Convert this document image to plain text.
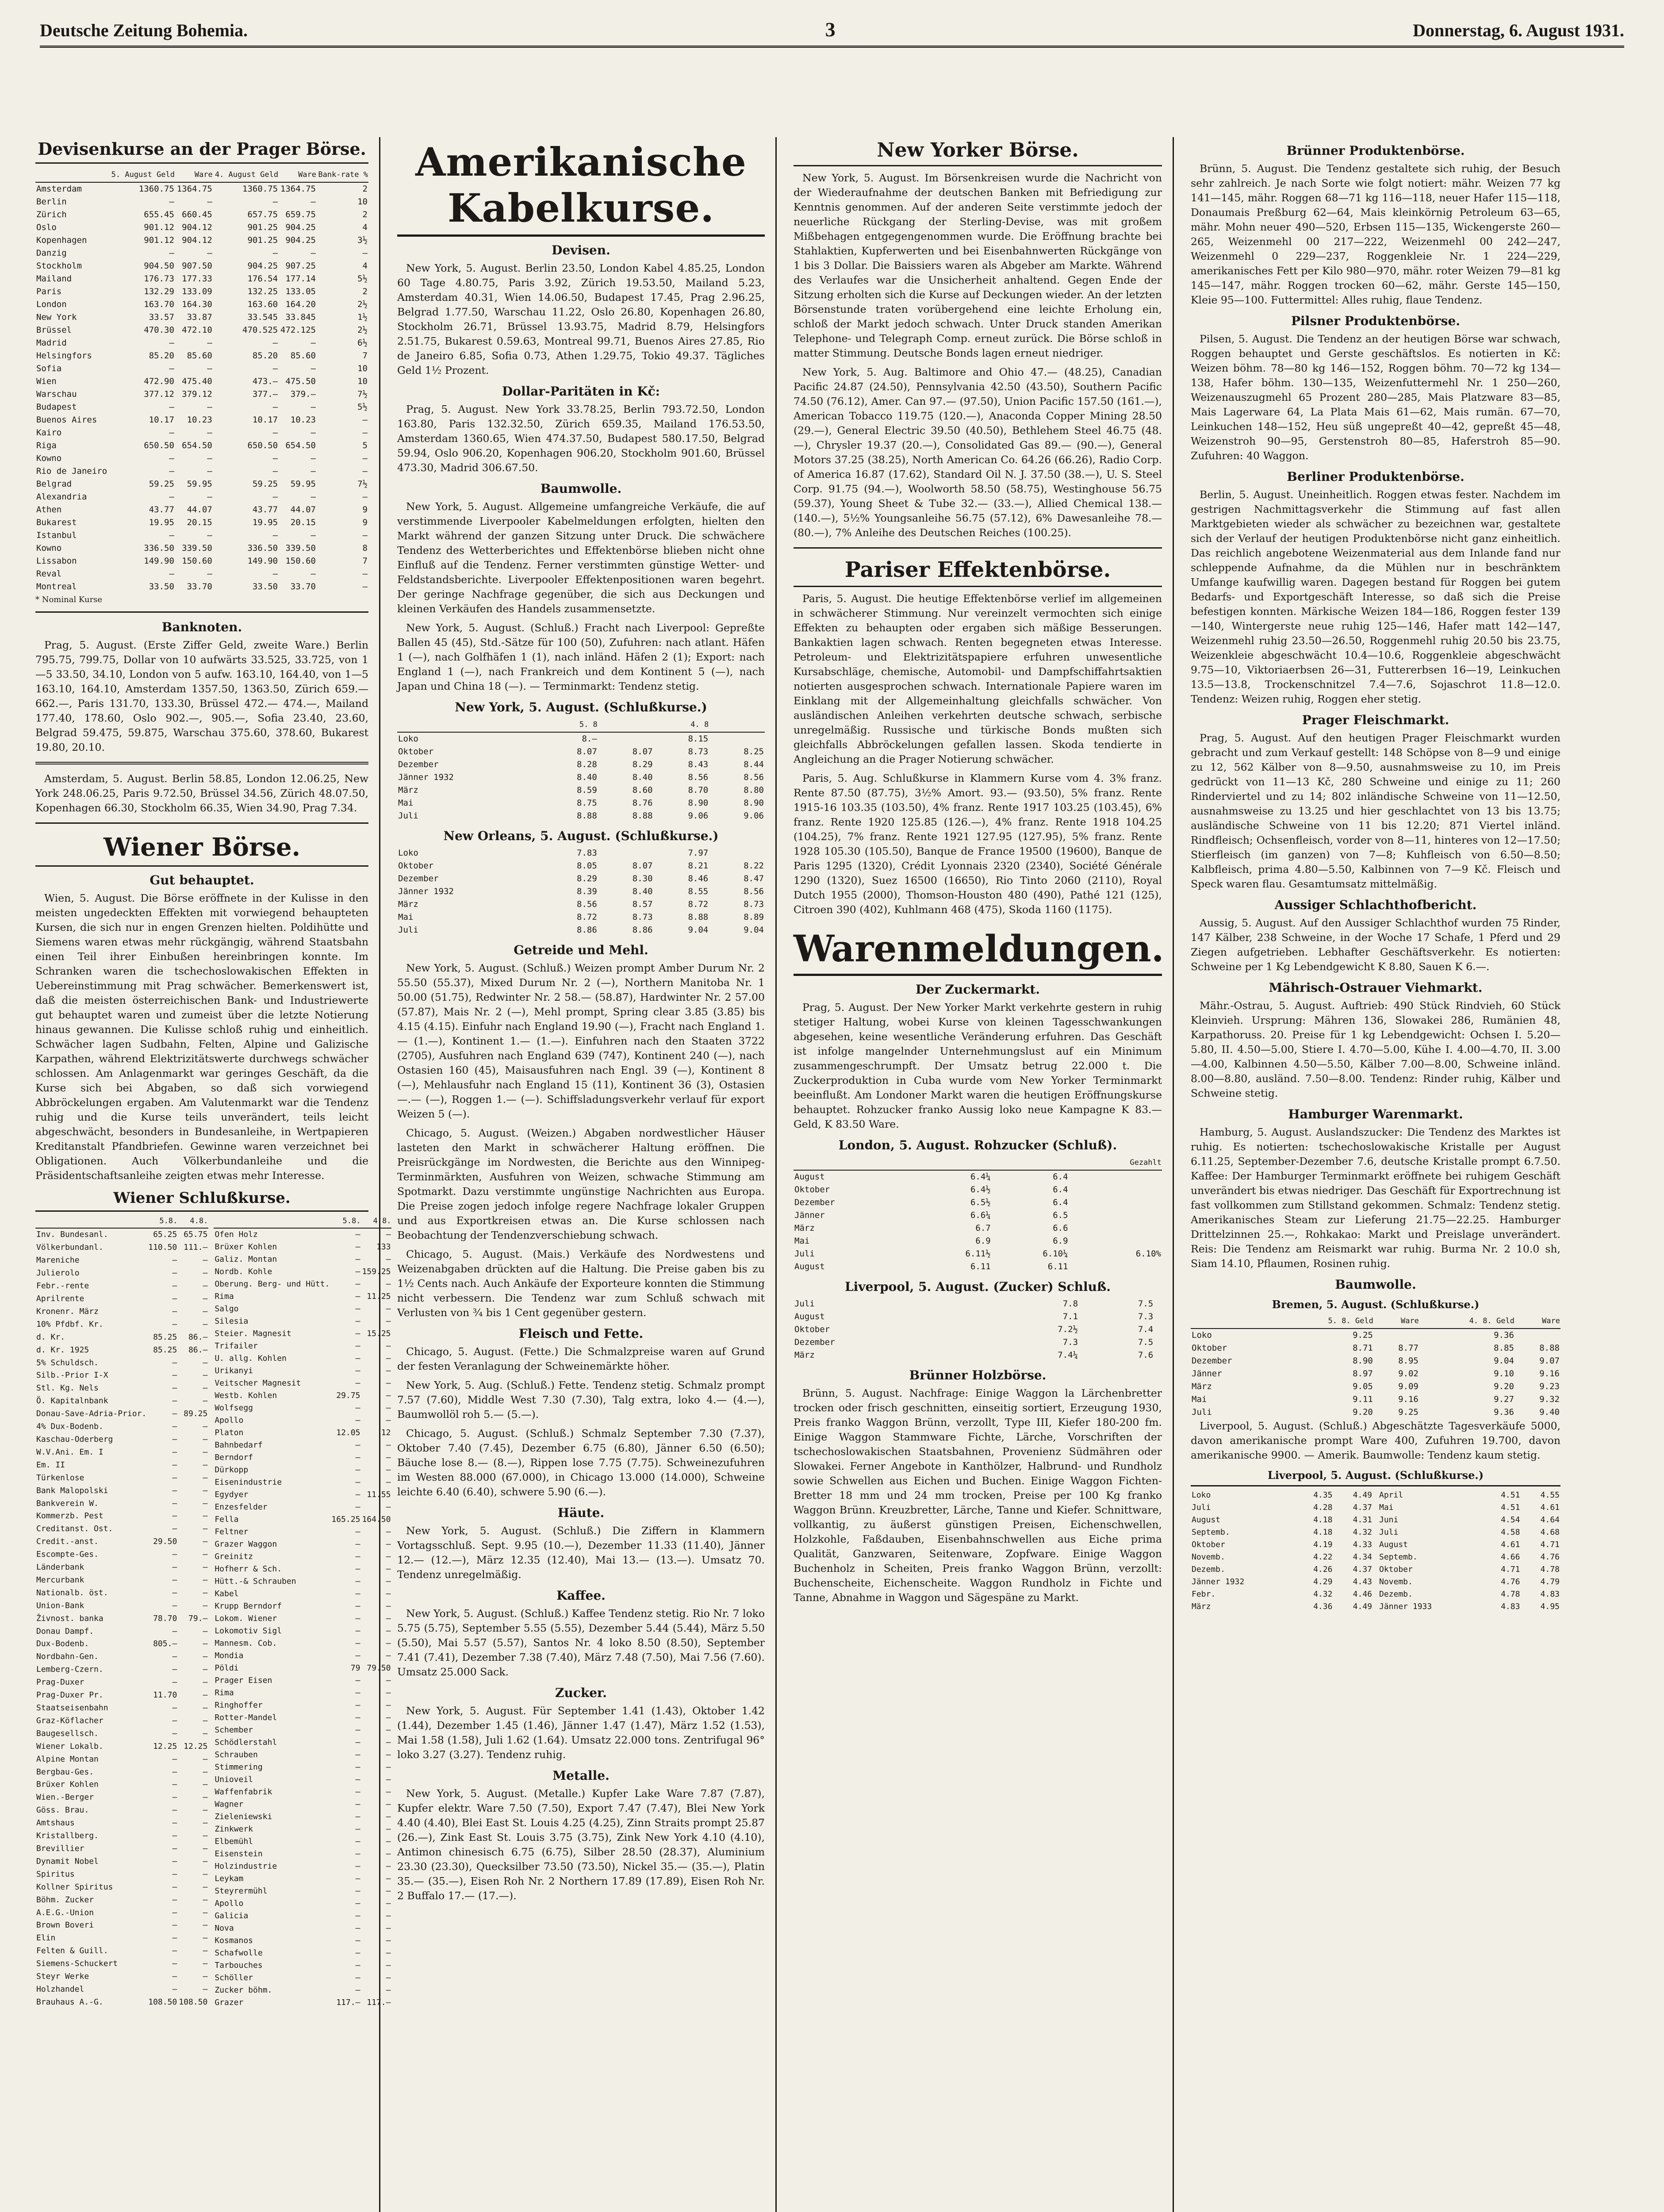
Deutsche Zeitung Bohemia.	3	Donnerstag, 6. August 1931.
Devisenkurse an der Prager Börse.
	5. August Geld	Ware	4. August Geld	Ware	Bank-rate %
Amsterdam	1360.75	1364.75	1360.75	1364.75	2
Berlin	—	—	—	—	10
Zürich	655.45	660.45	657.75	659.75	2
Oslo	901.12	904.12	901.25	904.25	4
Kopenhagen	901.12	904.12	901.25	904.25	3½
Danzig	—	—	—	—	—
Stockholm	904.50	907.50	904.25	907.25	4
Mailand	176.73	177.33	176.54	177.14	5½
Paris	132.29	133.09	132.25	133.05	2
London	163.70	164.30	163.60	164.20	2½
New York	33.57	33.87	33.545	33.845	1½
Brüssel	470.30	472.10	470.525	472.125	2½
Madrid	—	—	—	—	6½
Helsingfors	85.20	85.60	85.20	85.60	7
Sofia	—	—	—	—	10
Wien	472.90	475.40	473.—	475.50	10
Warschau	377.12	379.12	377.—	379.—	7½
Budapest	—	—	—	—	5½
Buenos Aires	10.17	10.23	10.17	10.23	—
Kairo	—	—	—	—	—
Riga	650.50	654.50	650.50	654.50	5
Kowno	—	—	—	—	—
Rio de Janeiro	—	—	—	—	—
Belgrad	59.25	59.95	59.25	59.95	7½
Alexandria	—	—	—	—	—
Athen	43.77	44.07	43.77	44.07	9
Bukarest	19.95	20.15	19.95	20.15	9
Istanbul	—	—	—	—	—
Kowno	336.50	339.50	336.50	339.50	8
Lissabon	149.90	150.60	149.90	150.60	7
Reval	—	—	—	—	—
Montreal	33.50	33.70	33.50	33.70	—
* Nominal Kurse
Banknoten.

Prag, 5. August. (Erste Ziffer Geld, zweite Ware.) Berlin 795.75, 799.75, Dollar von 10 aufwärts 33.525, 33.725, von 1—5 33.50, 34.10, London von 5 aufw. 163.10, 164.40, von 1—5 163.10, 164.10, Amsterdam 1357.50, 1363.50, Zürich 659.— 662.—, Paris 131.70, 133.30, Brüssel 472.— 474.—, Mailand 177.40, 178.60, Oslo 902.—, 905.—, Sofia 23.40, 23.60, Belgrad 59.475, 59.875, Warschau 375.60, 378.60, Bukarest 19.80, 20.10.

Amsterdam, 5. August. Berlin 58.85, London 12.06.25, New York 248.06.25, Paris 9.72.50, Brüssel 34.56, Zürich 48.07.50, Kopenhagen 66.30, Stockholm 66.35, Wien 34.90, Prag 7.34.

Wiener Börse.
Gut behauptet.

Wien, 5. August. Die Börse eröffnete in der Kulisse in den meisten ungedeckten Effekten mit vorwiegend behaupteten Kursen, die sich nur in engen Grenzen hielten. Poldihütte und Siemens waren etwas mehr rückgängig, während Staatsbahn einen Teil ihrer Einbußen hereinbringen konnte. Im Schranken waren die tschechoslowakischen Effekten in Uebereinstimmung mit Prag schwächer. Bemerkenswert ist, daß die meisten österreichischen Bank- und Industriewerte gut behauptet waren und zumeist über die letzte Notierung hinaus gewannen. Die Kulisse schloß ruhig und einheitlich. Schwächer lagen Sudbahn, Felten, Alpine und Galizische Karpathen, während Elektrizitätswerte durchwegs schwächer schlossen. Am Anlagenmarkt war geringes Geschäft, da die Kurse sich bei Abgaben, so daß sich vorwiegend Abbröckelungen ergaben. Am Valutenmarkt war die Tendenz ruhig und die Kurse teils unverändert, teils leicht abgeschwächt, besonders in Bundesanleihe, in Wertpapieren Kreditanstalt Pfandbriefen. Gewinne waren verzeichnet bei Obligationen. Auch Völkerbundanleihe und die Präsidentschaftsanleihe zeigten etwas mehr Interesse.

Wiener Schlußkurse.
	5.8.	4.8.
Inv. Bundesanl.	65.25	65.75
Völkerbundanl.	110.50	111.—
Mareniche	—	—
Julierolo	—	—
Febr.-rente	—	—
Aprilrente	—	—
Kronenr. März	—	—
10% Pfdbf. Kr.	—	—
d. Kr.	85.25	86.—
d. Kr. 1925	85.25	86.—
5% Schuldsch.	—	—
Silb.-Prior I-X	—	—
Stl. Kg. Nels	—	—
Ö. Kapitalnbank	—	—
Donau-Save-Adria-Prior.	—	89.25
4% Dux-Bodenb.	—	—
Kaschau-Oderberg	—	—
W.V.Ani. Em. I	—	—
Em. II	—	—
Türkenlose	—	—
Bank Malopolski	—	—
Bankverein W.	—	—
Kommerzb. Pest	—	—
Creditanst. Ost.	—	—
Credit.-anst.	29.50	—
Escompte-Ges.	—	—
Länderbank	—	—
Mercurbank	—	—
Nationalb. öst.	—	—
Union-Bank	—	—
Živnost. banka	78.70	79.—
Donau Dampf.	—	—
Dux-Bodenb.	805.—	—
Nordbahn-Gen.	—	—
Lemberg-Czern.	—	—
Prag-Duxer	—	—
Prag-Duxer Pr.	11.70	—
Staatseisenbahn	—	—
Graz-Köflacher	—	—
Baugesellsch.	—	—
Wiener Lokalb.	12.25	12.25
Alpine Montan	—	—
Bergbau-Ges.	—	—
Brüxer Kohlen	—	—
Wien.-Berger	—	—
Göss. Brau.	—	—
Amtshaus	—	—
Kristallberg.	—	—
Brevillier	—	—
Dynamit Nobel	—	—
Spiritus	—	—
Kollner Spiritus	—	—
Böhm. Zucker	—	—
A.E.G.-Union	—	—
Brown Boveri	—	—
Elin	—	—
Felten & Guill.	—	—
Siemens-Schuckert	—	—
Steyr Werke	—	—
Holzhandel	—	—
Brauhaus A.-G.	108.50	108.50
	5.8.	4.8.
Ofen Holz	—	—
Brüxer Kohlen	—	133
Galiz. Montan	—	—
Nordb. Kohle	—	159.25
Oberung. Berg- und Hütt.	—	—
Rima	—	11.25
Salgo	—	—
Silesia	—	—
Steier. Magnesit	—	15.25
Trifailer	—	—
U. allg. Kohlen	—	—
Urikanyi	—	—
Veitscher Magnesit	—	—
Westb. Kohlen	29.75	—
Wolfsegg	—	—
Apollo	—	—
Platon	12.05	12
Bahnbedarf	—	—
Berndorf	—	—
Dürkopp	—	—
Eisenindustrie	—	—
Egydyer	—	11.55
Enzesfelder	—	—
Fella	165.25	164.50
Feltner	—	—
Grazer Waggon	—	—
Greinitz	—	—
Hofherr & Sch.	—	—
Hütt.-& Schrauben	—	—
Kabel	—	—
Krupp Berndorf	—	—
Lokom. Wiener	—	—
Lokomotiv Sigl	—	—
Mannesm. Cob.	—	—
Mondia	—	—
Pöldi	79	79.50
Prager Eisen	—	—
Rima	—	—
Ringhoffer	—	—
Rotter-Mandel	—	—
Schember	—	—
Schödlerstahl	—	—
Schrauben	—	—
Stimmering	—	—
Unioveil	—	—
Waffenfabrik	—	—
Wagner	—	—
Zieleniewski	—	—
Zinkwerk	—	—
Elbemühl	—	—
Eisenstein	—	—
Holzindustrie	—	—
Leykam	—	—
Steyrermühl	—	—
Apollo	—	—
Galicia	—	—
Nova	—	—
Kosmanos	—	—
Schafwolle	—	—
Tarbouches	—	—
Schöller	—	—
Zucker böhm.	—	—
Grazer	117.—	117.—
Amerikanische Kabelkurse.
Devisen.

New York, 5. August. Berlin 23.50, London Kabel 4.85.25, London 60 Tage 4.80.75, Paris 3.92, Zürich 19.53.50, Mailand 5.23, Amsterdam 40.31, Wien 14.06.50, Budapest 17.45, Prag 2.96.25, Belgrad 1.77.50, Warschau 11.22, Oslo 26.80, Kopenhagen 26.80, Stockholm 26.71, Brüssel 13.93.75, Madrid 8.79, Helsingfors 2.51.75, Bukarest 0.59.63, Montreal 99.71, Buenos Aires 27.85, Rio de Janeiro 6.85, Sofia 0.73, Athen 1.29.75, Tokio 49.37. Tägliches Geld 1½ Prozent.

Dollar-Paritäten in Kč:

Prag, 5. August. New York 33.78.25, Berlin 793.72.50, London 163.80, Paris 132.32.50, Zürich 659.35, Mailand 176.53.50, Amsterdam 1360.65, Wien 474.37.50, Budapest 580.17.50, Belgrad 59.94, Oslo 906.20, Kopenhagen 906.20, Stockholm 901.60, Brüssel 473.30, Madrid 306.67.50.

Baumwolle.

New York, 5. August. Allgemeine umfangreiche Verkäufe, die auf verstimmende Liverpooler Kabelmeldungen erfolgten, hielten den Markt während der ganzen Sitzung unter Druck. Die schwächere Tendenz des Wetterberichtes und Effektenbörse blieben nicht ohne Einfluß auf die Tendenz. Ferner verstimmten günstige Wetter- und Feldstandsberichte. Liverpooler Effektenpositionen waren begehrt. Der geringe Nachfrage gegenüber, die sich aus Deckungen und kleinen Verkäufen des Handels zusammensetzte.

New York, 5. August. (Schluß.) Fracht nach Liverpool: Gepreßte Ballen 45 (45), Std.-Sätze für 100 (50), Zufuhren: nach atlant. Häfen 1 (—), nach Golfhäfen 1 (1), nach inländ. Häfen 2 (1); Export: nach England 1 (—), nach Frankreich und dem Kontinent 5 (—), nach Japan und China 18 (—). — Terminmarkt: Tendenz stetig.

New York, 5. August. (Schlußkurse.)
	5. 8		4. 8	
Loko	8.—		8.15	
Oktober	8.07	8.07	8.73	8.25
Dezember	8.28	8.29	8.43	8.44
Jänner 1932	8.40	8.40	8.56	8.56
März	8.59	8.60	8.70	8.80
Mai	8.75	8.76	8.90	8.90
Juli	8.88	8.88	9.06	9.06
New Orleans, 5. August. (Schlußkurse.)
Loko	7.83		7.97	
Oktober	8.05	8.07	8.21	8.22
Dezember	8.29	8.30	8.46	8.47
Jänner 1932	8.39	8.40	8.55	8.56
März	8.56	8.57	8.72	8.73
Mai	8.72	8.73	8.88	8.89
Juli	8.86	8.86	9.04	9.04
Getreide und Mehl.

New York, 5. August. (Schluß.) Weizen prompt Amber Durum Nr. 2 55.50 (55.37), Mixed Durum Nr. 2 (—), Northern Manitoba Nr. 1 50.00 (51.75), Redwinter Nr. 2 58.— (58.87), Hardwinter Nr. 2 57.00 (57.87), Mais Nr. 2 (—), Mehl prompt, Spring clear 3.85 (3.85) bis 4.15 (4.15). Einfuhr nach England 19.90 (—), Fracht nach England 1.— (1.—), Kontinent 1.— (1.—). Einfuhren nach den Staaten 3722 (2705), Ausfuhren nach England 639 (747), Kontinent 240 (—), nach Ostasien 160 (45), Maisausfuhren nach Engl. 39 (—), Kontinent 8 (—), Mehlausfuhr nach England 15 (11), Kontinent 36 (3), Ostasien —.— (—), Roggen 1.— (—). Schiffsladungsverkehr verlauf für export Weizen 5 (—).

Chicago, 5. August. (Weizen.) Abgaben nordwestlicher Häuser lasteten den Markt in schwächerer Haltung eröffnen. Die Preisrückgänge im Nordwesten, die Berichte aus den Winnipeg-Terminmärkten, Ausfuhren von Weizen, schwache Stimmung am Spotmarkt. Dazu verstimmte ungünstige Nachrichten aus Europa. Die Preise zogen jedoch infolge regere Nachfrage lokaler Gruppen und aus Exportkreisen etwas an. Die Kurse schlossen nach Beobachtung der Tendenzverschiebung schwach.

Chicago, 5. August. (Mais.) Verkäufe des Nordwestens und Weizenabgaben drückten auf die Haltung. Die Preise gaben bis zu 1½ Cents nach. Auch Ankäufe der Exporteure konnten die Stimmung nicht verbessern. Die Tendenz war zum Schluß schwach mit Verlusten von ¾ bis 1 Cent gegenüber gestern.

Fleisch und Fette.

Chicago, 5. August. (Fette.) Die Schmalzpreise waren auf Grund der festen Veranlagung der Schweinemärkte höher.

New York, 5. Aug. (Schluß.) Fette. Tendenz stetig. Schmalz prompt 7.57 (7.60), Middle West 7.30 (7.30), Talg extra, loko 4.— (4.—), Baumwollöl roh 5.— (5.—).

Chicago, 5. August. (Schluß.) Schmalz September 7.30 (7.37), Oktober 7.40 (7.45), Dezember 6.75 (6.80), Jänner 6.50 (6.50); Bäuche lose 8.— (8.—), Rippen lose 7.75 (7.75). Schweinezufuhren im Westen 88.000 (67.000), in Chicago 13.000 (14.000), Schweine leichte 6.40 (6.40), schwere 5.90 (6.—).

Häute.

New York, 5. August. (Schluß.) Die Ziffern in Klammern Vortagsschluß. Sept. 9.95 (10.—), Dezember 11.33 (11.40), Jänner 12.— (12.—), März 12.35 (12.40), Mai 13.— (13.—). Umsatz 70. Tendenz unregelmäßig.

Kaffee.

New York, 5. August. (Schluß.) Kaffee Tendenz stetig. Rio Nr. 7 loko 5.75 (5.75), September 5.55 (5.55), Dezember 5.44 (5.44), März 5.50 (5.50), Mai 5.57 (5.57), Santos Nr. 4 loko 8.50 (8.50), September 7.41 (7.41), Dezember 7.38 (7.40), März 7.48 (7.50), Mai 7.56 (7.60). Umsatz 25.000 Sack.

Zucker.

New York, 5. August. Für September 1.41 (1.43), Oktober 1.42 (1.44), Dezember 1.45 (1.46), Jänner 1.47 (1.47), März 1.52 (1.53), Mai 1.58 (1.58), Juli 1.62 (1.64). Umsatz 22.000 tons. Zentrifugal 96° loko 3.27 (3.27). Tendenz ruhig.

Metalle.

New York, 5. August. (Metalle.) Kupfer Lake Ware 7.87 (7.87), Kupfer elektr. Ware 7.50 (7.50), Export 7.47 (7.47), Blei New York 4.40 (4.40), Blei East St. Louis 4.25 (4.25), Zinn Straits prompt 25.87 (26.—), Zink East St. Louis 3.75 (3.75), Zink New York 4.10 (4.10), Antimon chinesisch 6.75 (6.75), Silber 28.50 (28.37), Aluminium 23.30 (23.30), Quecksilber 73.50 (73.50), Nickel 35.— (35.—), Platin 35.— (35.—), Eisen Roh Nr. 2 Northern 17.89 (17.89), Eisen Roh Nr. 2 Buffalo 17.— (17.—).

New Yorker Börse.

New York, 5. August. Im Börsenkreisen wurde die Nachricht von der Wiederaufnahme der deutschen Banken mit Befriedigung zur Kenntnis genommen. Auf der anderen Seite verstimmte jedoch der neuerliche Rückgang der Sterling-Devise, was mit großem Mißbehagen entgegengenommen wurde. Die Eröffnung brachte bei Stahlaktien, Kupferwerten und bei Eisenbahnwerten Rückgänge von 1 bis 3 Dollar. Die Baissiers waren als Abgeber am Markte. Während des Verlaufes war die Unsicherheit anhaltend. Gegen Ende der Sitzung erholten sich die Kurse auf Deckungen wieder. An der letzten Börsenstunde traten vorübergehend eine leichte Erholung ein, schloß der Markt jedoch schwach. Unter Druck standen Amerikan Telephone- und Telegraph Comp. erneut zurück. Die Börse schloß in matter Stimmung. Deutsche Bonds lagen erneut niedriger.

New York, 5. Aug. Baltimore and Ohio 47.— (48.25), Canadian Pacific 24.87 (24.50), Pennsylvania 42.50 (43.50), Southern Pacific 74.50 (76.12), Amer. Can 97.— (97.50), Union Pacific 157.50 (161.—), American Tobacco 119.75 (120.—), Anaconda Copper Mining 28.50 (29.—), General Electric 39.50 (40.50), Bethlehem Steel 46.75 (48.—), Chrysler 19.37 (20.—), Consolidated Gas 89.— (90.—), General Motors 37.25 (38.25), North American Co. 64.26 (66.26), Radio Corp. of America 16.87 (17.62), Standard Oil N. J. 37.50 (38.—), U. S. Steel Corp. 91.75 (94.—), Woolworth 58.50 (58.75), Westinghouse 56.75 (59.37), Young Sheet & Tube 32.— (33.—), Allied Chemical 138.— (140.—), 5½% Youngsanleihe 56.75 (57.12), 6% Dawesanleihe 78.— (80.—), 7% Anleihe des Deutschen Reiches (100.25).

Pariser Effektenbörse.

Paris, 5. August. Die heutige Effektenbörse verlief im allgemeinen in schwächerer Stimmung. Nur vereinzelt vermochten sich einige Effekten zu behaupten oder ergaben sich mäßige Besserungen. Bankaktien lagen schwach. Renten begegneten etwas Interesse. Petroleum- und Elektrizitätspapiere erfuhren unwesentliche Kursabschläge, chemische, Automobil- und Dampfschiffahrtsaktien notierten ausgesprochen schwach. Internationale Papiere waren im Einklang mit der Allgemeinhaltung gleichfalls schwächer. Von ausländischen Anleihen verkehrten deutsche schwach, serbische unregelmäßig. Russische und türkische Bonds mußten sich gleichfalls Abbröckelungen gefallen lassen. Skoda tendierte in Angleichung an die Prager Notierung schwächer.

Paris, 5. Aug. Schlußkurse in Klammern Kurse vom 4. 3% franz. Rente 87.50 (87.75), 3½% Amort. 93.— (93.50), 5% franz. Rente 1915-16 103.35 (103.50), 4% franz. Rente 1917 103.25 (103.45), 6% franz. Rente 1920 125.85 (126.—), 4% franz. Rente 1918 104.25 (104.25), 7% franz. Rente 1921 127.95 (127.95), 5% franz. Rente 1928 105.30 (105.50), Banque de France 19500 (19600), Banque de Paris 1295 (1320), Crédit Lyonnais 2320 (2340), Société Générale 1290 (1320), Suez 16500 (16650), Rio Tinto 2060 (2110), Royal Dutch 1955 (2000), Thomson-Houston 480 (490), Pathé 121 (125), Citroen 390 (402), Kuhlmann 468 (475), Skoda 1160 (1175).

Warenmeldungen.
Der Zuckermarkt.

Prag, 5. August. Der New Yorker Markt verkehrte gestern in ruhig stetiger Haltung, wobei Kurse von kleinen Tagesschwankungen abgesehen, keine wesentliche Veränderung erfuhren. Das Geschäft ist infolge mangelnder Unternehmungslust auf ein Minimum zusammengeschrumpft. Der Umsatz betrug 22.000 t. Die Zuckerproduktion in Cuba wurde vom New Yorker Terminmarkt beeinflußt. Am Londoner Markt waren die heutigen Eröffnungskurse behauptet. Rohzucker franko Aussig loko neue Kampagne K 83.— Geld, K 83.50 Ware.

London, 5. August. Rohzucker (Schluß).
			Gezahlt
August	6.4¼	6.4	
Oktober	6.4½	6.4	
Dezember	6.5½	6.4	
Jänner	6.6¼	6.5	
März	6.7	6.6	
Mai	6.9	6.9	
Juli	6.11½	6.10¼	6.10%
August	6.11	6.11	
Liverpool, 5. August. (Zucker) Schluß.
Juli	7.8	7.5	
August	7.1	7.3	
Oktober	7.2½	7.4	
Dezember	7.3	7.5	
März	7.4¼	7.6	
Brünner Holzbörse.

Brünn, 5. August. Nachfrage: Einige Waggon la Lärchenbretter trocken oder frisch geschnitten, einseitig sortiert, Erzeugung 1930, Preis franko Waggon Brünn, verzollt, Type III, Kiefer 180-200 fm. Einige Waggon Stammware Fichte, Lärche, Vorschriften der tschechoslowakischen Staatsbahnen, Provenienz Südmähren oder Slowakei. Ferner Angebote in Kanthölzer, Halbrund- und Rundholz sowie Schwellen aus Eichen und Buchen. Einige Waggon Fichten-Bretter 18 mm und 24 mm trocken, Preise per 100 Kg franko Waggon Brünn. Kreuzbretter, Lärche, Tanne und Kiefer. Schnittware, vollkantig, zu äußerst günstigen Preisen, Eichenschwellen, Holzkohle, Faßdauben, Eisenbahnschwellen aus Eiche prima Qualität, Ganzwaren, Seitenware, Zopfware. Einige Waggon Buchenholz in Scheiten, Preis franko Waggon Brünn, verzollt: Buchenscheite, Eichenscheite. Waggon Rundholz in Fichte und Tanne, Abnahme in Waggon und Sägespäne zu Markt.

Brünner Produktenbörse.

Brünn, 5. August. Die Tendenz gestaltete sich ruhig, der Besuch sehr zahlreich. Je nach Sorte wie folgt notiert: mähr. Weizen 77 kg 141—145, mähr. Roggen 68—71 kg 116—118, neuer Hafer 115—118, Donaumais Preßburg 62—64, Mais kleinkörnig Petroleum 63—65, mähr. Mohn neuer 490—520, Erbsen 115—135, Wickengerste 260—265, Weizenmehl 00 217—222, Weizenmehl 00 242—247, Weizenmehl 0 229—237, Roggenkleie Nr. 1 224—229, amerikanisches Fett per Kilo 980—970, mähr. roter Weizen 79—81 kg 145—147, mähr. Roggen trocken 60—62, mähr. Gerste 145—150, Kleie 95—100. Futtermittel: Alles ruhig, flaue Tendenz.

Pilsner Produktenbörse.

Pilsen, 5. August. Die Tendenz an der heutigen Börse war schwach, Roggen behauptet und Gerste geschäftslos. Es notierten in Kč: Weizen böhm. 78—80 kg 146—152, Roggen böhm. 70—72 kg 134—138, Hafer böhm. 130—135, Weizenfuttermehl Nr. 1 250—260, Weizenauszugmehl 65 Prozent 280—285, Mais Platzware 83—85, Mais Lagerware 64, La Plata Mais 61—62, Mais rumän. 67—70, Leinkuchen 148—152, Heu süß ungepreßt 40—42, gepreßt 45—48, Weizenstroh 90—95, Gerstenstroh 80—85, Haferstroh 85—90. Zufuhren: 40 Waggon.

Berliner Produktenbörse.

Berlin, 5. August. Uneinheitlich. Roggen etwas fester. Nachdem im gestrigen Nachmittagsverkehr die Stimmung auf fast allen Marktgebieten wieder als schwächer zu bezeichnen war, gestaltete sich der Verlauf der heutigen Produktenbörse nicht ganz einheitlich. Das reichlich angebotene Weizenmaterial aus dem Inlande fand nur schleppende Aufnahme, da die Mühlen nur in beschränktem Umfange kaufwillig waren. Dagegen bestand für Roggen bei gutem Bedarfs- und Exportgeschäft Interesse, so daß sich die Preise befestigen konnten. Märkische Weizen 184—186, Roggen fester 139—140, Wintergerste neue ruhig 125—146, Hafer matt 142—147, Weizenmehl ruhig 23.50—26.50, Roggenmehl ruhig 20.50 bis 23.75, Weizenkleie abgeschwächt 10.4—10.6, Roggenkleie abgeschwächt 9.75—10, Viktoriaerbsen 26—31, Futtererbsen 16—19, Leinkuchen 13.5—13.8, Trockenschnitzel 7.4—7.6, Sojaschrot 11.8—12.0. Tendenz: Weizen ruhig, Roggen eher stetig.

Prager Fleischmarkt.

Prag, 5. August. Auf den heutigen Prager Fleischmarkt wurden gebracht und zum Verkauf gestellt: 148 Schöpse von 8—9 und einige zu 12, 562 Kälber von 8—9.50, ausnahmsweise zu 10, im Preis gedrückt von 11—13 Kč, 280 Schweine und einige zu 11; 260 Rinderviertel und zu 14; 802 inländische Schweine von 11—12.50, ausnahmsweise zu 13.25 und hier geschlachtet von 13 bis 13.75; ausländische Schweine von 11 bis 12.20; 871 Viertel inländ. Rindfleisch; Ochsenfleisch, vorder von 8—11, hinteres von 12—17.50; Stierfleisch (im ganzen) von 7—8; Kuhfleisch von 6.50—8.50; Kalbfleisch, prima 4.80—5.50, Kalbinnen von 7—9 Kč. Fleisch und Speck waren flau. Gesamtumsatz mittelmäßig.

Aussiger Schlachthofbericht.

Aussig, 5. August. Auf den Aussiger Schlachthof wurden 75 Rinder, 147 Kälber, 238 Schweine, in der Woche 17 Schafe, 1 Pferd und 29 Ziegen aufgetrieben. Lebhafter Geschäftsverkehr. Es notierten: Schweine per 1 Kg Lebendgewicht K 8.80, Sauen K 6.—.

Mährisch-Ostrauer Viehmarkt.

Mähr.-Ostrau, 5. August. Auftrieb: 490 Stück Rindvieh, 60 Stück Kleinvieh. Ursprung: Mähren 136, Slowakei 286, Rumänien 48, Karpathoruss. 20. Preise für 1 kg Lebendgewicht: Ochsen I. 5.20—5.80, II. 4.50—5.00, Stiere I. 4.70—5.00, Kühe I. 4.00—4.70, II. 3.00—4.00, Kalbinnen 4.50—5.50, Kälber 7.00—8.00, Schweine inländ. 8.00—8.80, ausländ. 7.50—8.00. Tendenz: Rinder ruhig, Kälber und Schweine stetig.

Hamburger Warenmarkt.

Hamburg, 5. August. Auslandszucker: Die Tendenz des Marktes ist ruhig. Es notierten: tschechoslowakische Kristalle per August 6.11.25, September-Dezember 7.6, deutsche Kristalle prompt 6.7.50. Kaffee: Der Hamburger Terminmarkt eröffnete bei ruhigem Geschäft unverändert bis etwas niedriger. Das Geschäft für Exportrechnung ist fast vollkommen zum Stillstand gekommen. Schmalz: Tendenz stetig. Amerikanisches Steam zur Lieferung 21.75—22.25. Hamburger Drittelzinnen 25.—, Rohkakao: Markt und Preislage unverändert. Reis: Die Tendenz am Reismarkt war ruhig. Burma Nr. 2 10.0 sh, Siam 14.10, Pflaumen, Rosinen ruhig.

Baumwolle.
Bremen, 5. August. (Schlußkurse.)
	5. 8. Geld	Ware	4. 8. Geld	Ware
Loko	9.25		9.36	
Oktober	8.71	8.77	8.85	8.88
Dezember	8.90	8.95	9.04	9.07
Jänner	8.97	9.02	9.10	9.16
März	9.05	9.09	9.20	9.23
Mai	9.11	9.16	9.27	9.32
Juli	9.20	9.25	9.36	9.40

Liverpool, 5. August. (Schluß.) Abgeschätzte Tagesverkäufe 5000, davon amerikanische prompt Ware 400, Zufuhren 19.700, davon amerikanische 9900. — Amerik. Baumwolle: Tendenz kaum stetig.

Liverpool, 5. August. (Schlußkurse.)
Loko	4.35	4.49
Juli	4.28	4.37
August	4.18	4.31
Septemb.	4.18	4.32
Oktober	4.19	4.33
Novemb.	4.22	4.34
Dezemb.	4.26	4.37
Jänner 1932	4.29	4.43
Febr.	4.32	4.46
März	4.36	4.49
April	4.51	4.55
Mai	4.51	4.61
Juni	4.54	4.64
Juli	4.58	4.68
August	4.61	4.71
Septemb.	4.66	4.76
Oktober	4.71	4.78
Novemb.	4.76	4.79
Dezemb.	4.78	4.83
Jänner 1933	4.83	4.95
